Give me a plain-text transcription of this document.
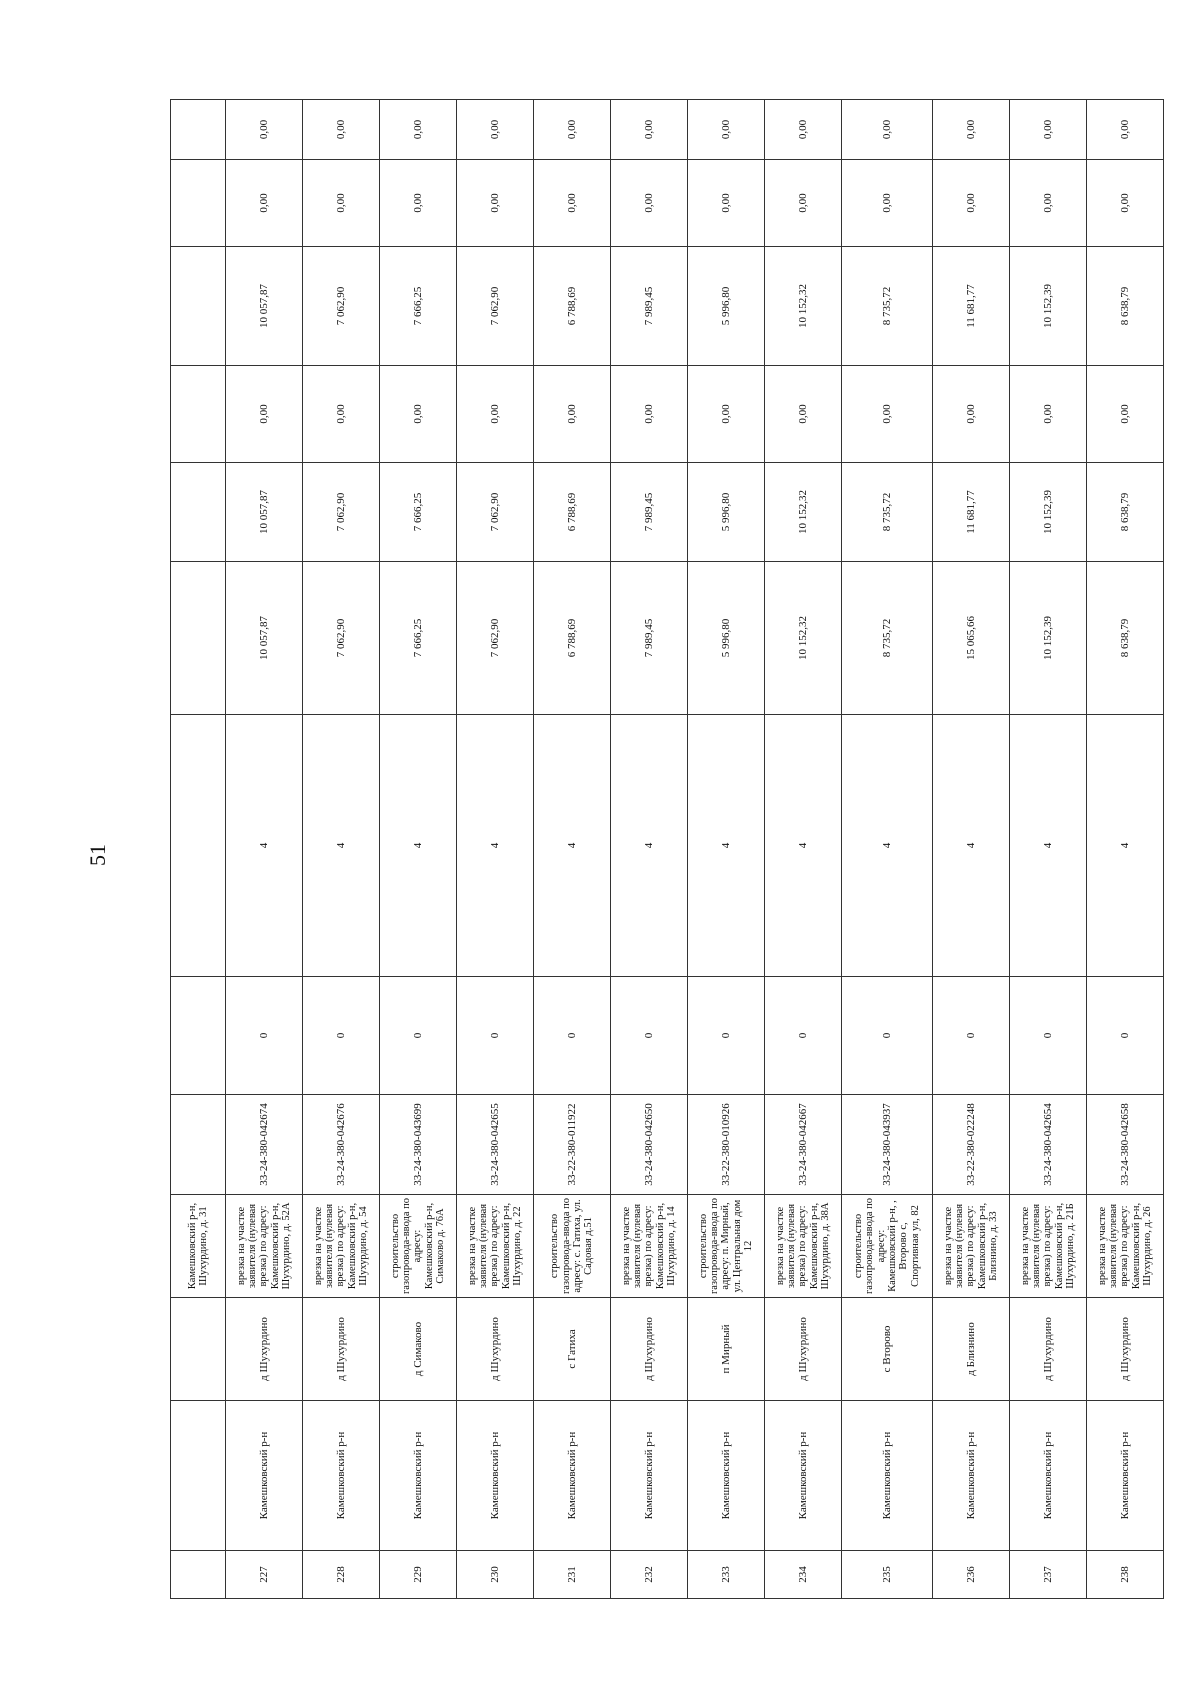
51
			Камешковский р-н, Шухурдино, д. 31									
227	Камешковский р-н	д Шухурдино	врезка на участке заявителя (нулевая врезка) по адресу: Камешковский р-н, Шухурдино, д. 52А	33-24-380-042674	0	4	10 057,87	10 057,87	0,00	10 057,87	0,00	0,00
228	Камешковский р-н	д Шухурдино	врезка на участке заявителя (нулевая врезка) по адресу: Камешковский р-н, Шухурдино, д. 54	33-24-380-042676	0	4	7 062,90	7 062,90	0,00	7 062,90	0,00	0,00
229	Камешковский р-н	д Симаково	строительство газопровода-ввода по адресу: Камешковский р-н, Симаково д. 76А	33-24-380-043699	0	4	7 666,25	7 666,25	0,00	7 666,25	0,00	0,00
230	Камешковский р-н	д Шухурдино	врезка на участке заявителя (нулевая врезка) по адресу: Камешковский р-н, Шухурдино, д. 22	33-24-380-042655	0	4	7 062,90	7 062,90	0,00	7 062,90	0,00	0,00
231	Камешковский р-н	с Гатиха	строительство газопровода-ввода по адресу: с. Гатиха, ул. Садовая д.51	33-22-380-011922	0	4	6 788,69	6 788,69	0,00	6 788,69	0,00	0,00
232	Камешковский р-н	д Шухурдино	врезка на участке заявителя (нулевая врезка) по адресу: Камешковский р-н, Шухурдино, д. 14	33-24-380-042650	0	4	7 989,45	7 989,45	0,00	7 989,45	0,00	0,00
233	Камешковский р-н	п Мирный	строительство газопровода-ввода по адресу: п. Мирный, ул. Центральная дом 12	33-22-380-010926	0	4	5 996,80	5 996,80	0,00	5 996,80	0,00	0,00
234	Камешковский р-н	д Шухурдино	врезка на участке заявителя (нулевая врезка) по адресу: Камешковский р-н, Шухурдино, д. 38А	33-24-380-042667	0	4	10 152,32	10 152,32	0,00	10 152,32	0,00	0,00
235	Камешковский р-н	с Второво	строительство газопровода-ввода по адресу: Камешковский р-н, , Второво с, Спортивная ул, 82	33-24-380-043937	0	4	8 735,72	8 735,72	0,00	8 735,72	0,00	0,00
236	Камешковский р-н	д Близнино	врезка на участке заявителя (нулевая врезка) по адресу: Камешковский р-н, Близнино, д. 33	33-22-380-022248	0	4	15 065,66	11 681,77	0,00	11 681,77	0,00	0,00
237	Камешковский р-н	д Шухурдино	врезка на участке заявителя (нулевая врезка) по адресу: Камешковский р-н, Шухурдино, д. 21Б	33-24-380-042654	0	4	10 152,39	10 152,39	0,00	10 152,39	0,00	0,00
238	Камешковский р-н	д Шухурдино	врезка на участке заявителя (нулевая врезка) по адресу: Камешковский р-н, Шухурдино, д. 26	33-24-380-042658	0	4	8 638,79	8 638,79	0,00	8 638,79	0,00	0,00
